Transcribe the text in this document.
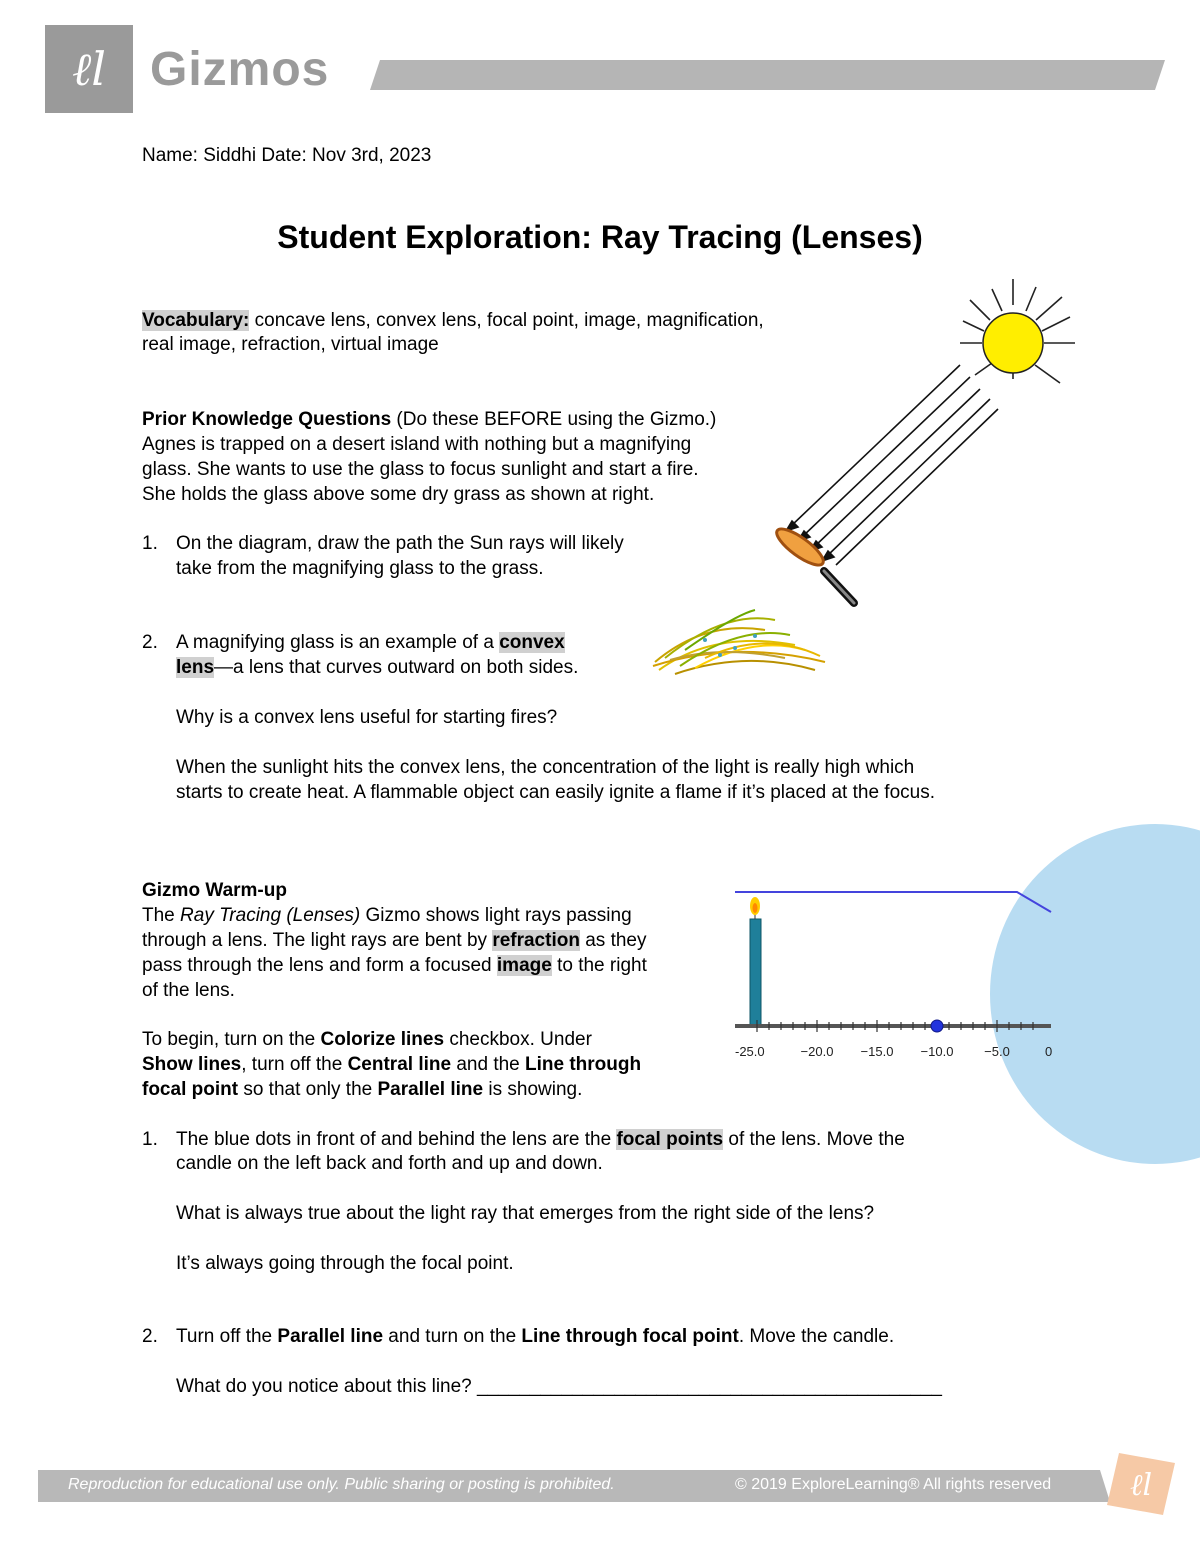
ℓl Gizmos
Name: Siddhi Date: Nov 3rd, 2023
Student Exploration: Ray Tracing (Lenses)
Vocabulary: concave lens, convex lens, focal point, image, magnification,
real image, refraction, virtual image
Prior Knowledge Questions (Do these BEFORE using the Gizmo.)
Agnes is trapped on a desert island with nothing but a magnifying
glass. She wants to use the glass to focus sunlight and start a fire.
She holds the glass above some dry grass as shown at right.
1. On the diagram, draw the path the Sun rays will likely
take from the magnifying glass to the grass.
2. A magnifying glass is an example of a convex
lens—a lens that curves outward on both sides.
Why is a convex lens useful for starting fires?
When the sunlight hits the convex lens, the concentration of the light is really high which
starts to create heat. A flammable object can easily ignite a flame if it’s placed at the focus.
Gizmo Warm-up
The Ray Tracing (Lenses) Gizmo shows light rays passing
through a lens. The light rays are bent by refraction as they
pass through the lens and form a focused image to the right
of the lens.
To begin, turn on the Colorize lines checkbox. Under
Show lines, turn off the Central line and the Line through
focal point so that only the Parallel line is showing.
-25.0	−20.0 −15.0 −10.0 −5.0	0
1. The blue dots in front of and behind the lens are the focal points of the lens. Move the
candle on the left back and forth and up and down.
What is always true about the light ray that emerges from the right side of the lens?
It’s always going through the focal point.
2. Turn off the Parallel line and turn on the Line through focal point. Move the candle.
What do you notice about this line? ____________________________________________
Reproduction for educational use only. Public sharing or posting is prohibited.	© 2019 ExploreLearning® All rights reserved	ℓl
